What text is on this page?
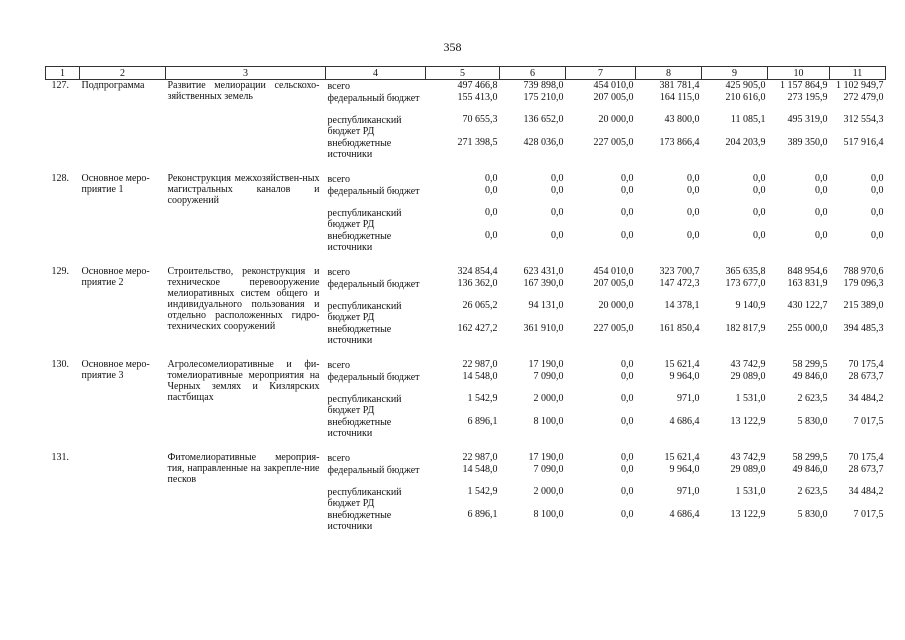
358
1	2	3	4	5	6	7	8	9	10	11
127.	Подпрограмма	Развитие мелиорации сельскохо-зяйственных земель	всего	497 466,8	739 898,0	454 010,0	381 781,4	425 905,0	1 157 864,9	1 102 949,7
			федеральный бюджет	155 413,0	175 210,0	207 005,0	164 115,0	210 616,0	273 195,9	272 479,0
			республиканский бюджет РД	70 655,3	136 652,0	20 000,0	43 800,0	11 085,1	495 319,0	312 554,3
			внебюджетные источники	271 398,5	428 036,0	227 005,0	173 866,4	204 203,9	389 350,0	517 916,4

128.	Основное меро-приятие 1	Реконструкция межхозяйствен-ных магистральных каналов и сооружений	всего	0,0	0,0	0,0	0,0	0,0	0,0	0,0
			федеральный бюджет	0,0	0,0	0,0	0,0	0,0	0,0	0,0
			республиканский бюджет РД	0,0	0,0	0,0	0,0	0,0	0,0	0,0
			внебюджетные источники	0,0	0,0	0,0	0,0	0,0	0,0	0,0

129.	Основное меро-приятие 2	Строительство, реконструкция и техническое перевооружение мелиоративных систем общего и индивидуального пользования и отдельно расположенных гидро-технических сооружений	всего	324 854,4	623 431,0	454 010,0	323 700,7	365 635,8	848 954,6	788 970,6
			федеральный бюджет	136 362,0	167 390,0	207 005,0	147 472,3	173 677,0	163 831,9	179 096,3
			республиканский бюджет РД	26 065,2	94 131,0	20 000,0	14 378,1	9 140,9	430 122,7	215 389,0
			внебюджетные источники	162 427,2	361 910,0	227 005,0	161 850,4	182 817,9	255 000,0	394 485,3

130.	Основное меро-приятие 3	Агролесомелиоративные и фи-томелиоративные мероприятия на Черных землях и Кизлярских пастбищах	всего	22 987,0	17 190,0	0,0	15 621,4	43 742,9	58 299,5	70 175,4
			федеральный бюджет	14 548,0	7 090,0	0,0	9 964,0	29 089,0	49 846,0	28 673,7
			республиканский бюджет РД	1 542,9	2 000,0	0,0	971,0	1 531,0	2 623,5	34 484,2
			внебюджетные источники	6 896,1	8 100,0	0,0	4 686,4	13 122,9	5 830,0	7 017,5

131.		Фитомелиоративные мероприя-тия, направленные на закрепле-ние песков	всего	22 987,0	17 190,0	0,0	15 621,4	43 742,9	58 299,5	70 175,4
			федеральный бюджет	14 548,0	7 090,0	0,0	9 964,0	29 089,0	49 846,0	28 673,7
			республиканский бюджет РД	1 542,9	2 000,0	0,0	971,0	1 531,0	2 623,5	34 484,2
			внебюджетные источники	6 896,1	8 100,0	0,0	4 686,4	13 122,9	5 830,0	7 017,5
